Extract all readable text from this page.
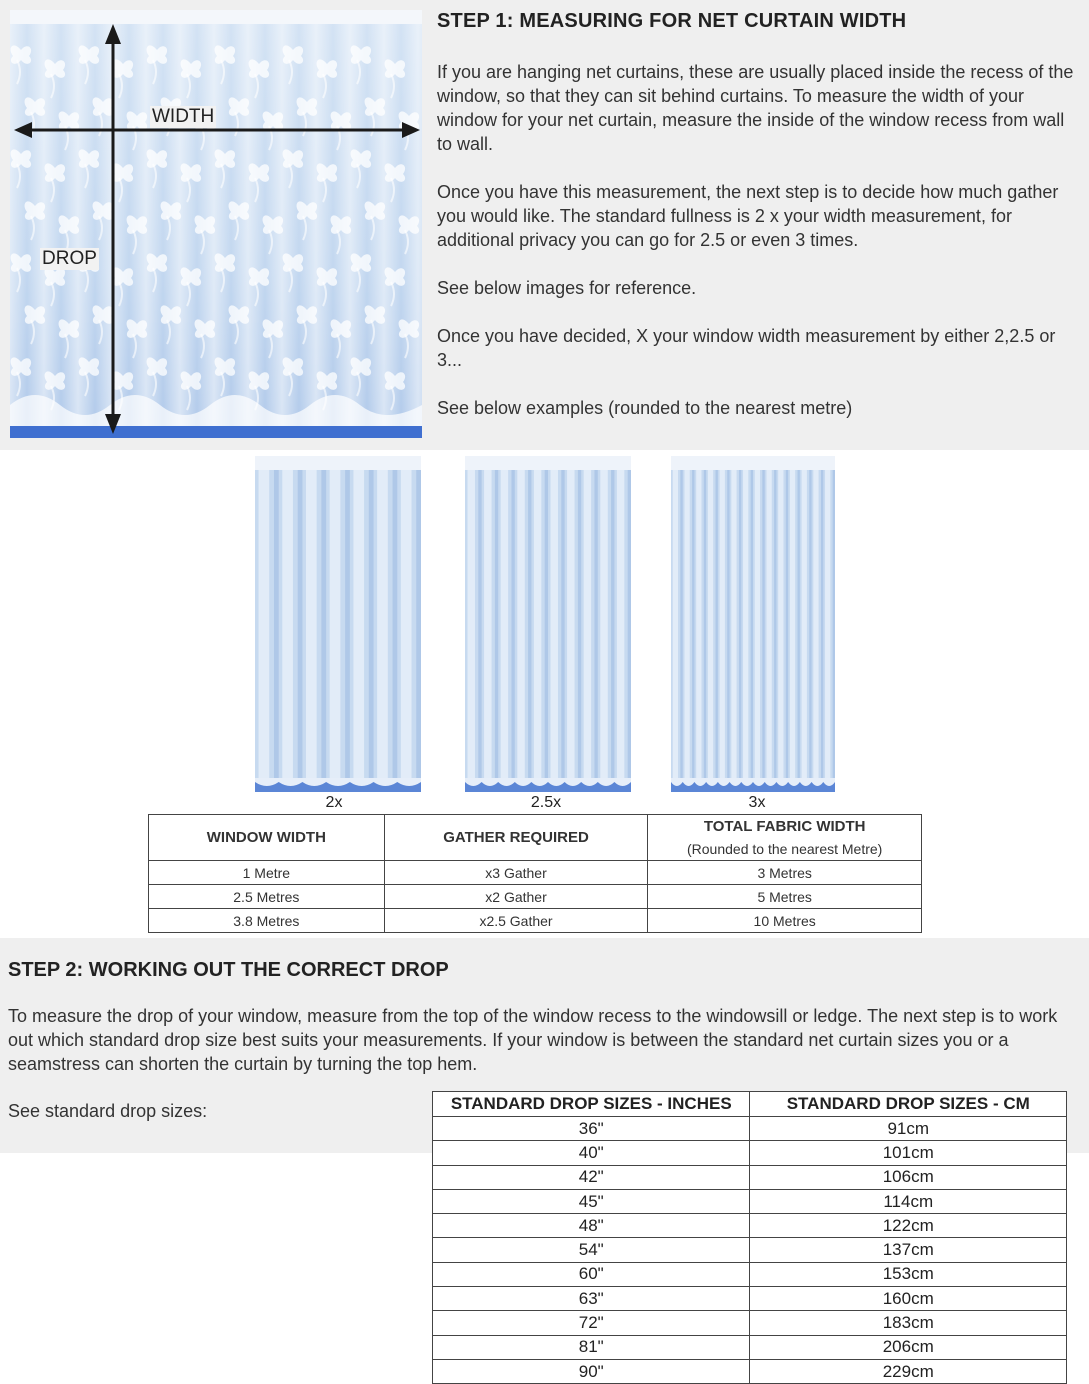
WIDTH
DROP
STEP 1: MEASURING FOR NET CURTAIN WIDTH

If you are hanging net curtains, these are usually placed inside the recess of the window, so that they can sit behind curtains. To measure the width of your window for your net curtain, measure the inside of the window recess from wall to wall.

Once you have this measurement, the next step is to decide how much gather you would like. The standard fullness is 2 x your width measurement, for additional privacy you can go for 2.5 or even 3 times.

See below images for reference.

Once you have decided, X your window width measurement by either 2,2.5 or 3...

See below examples (rounded to the nearest metre)

2x	2.5x	3x
WINDOW WIDTH	GATHER REQUIRED	TOTAL FABRIC WIDTH
(Rounded to the nearest Metre)

1 Metre	x3 Gather	3 Metres
2.5 Metres	x2 Gather	5 Metres
3.8 Metres	x2.5 Gather	10 Metres
STEP 2: WORKING OUT THE CORRECT DROP

To measure the drop of your window, measure from the top of the window recess to the windowsill or ledge. The next step is to work out which standard drop size best suits your measurements. If your window is between the standard net curtain sizes you or a seamstress can shorten the curtain by turning the top hem.

See standard drop sizes:	STANDARD DROP SIZES - INCHES	STANDARD DROP SIZES - CM
36"	91cm
40"	101cm
42"	106cm
45"	114cm
48"	122cm
54"	137cm
60"	153cm
63"	160cm
72"	183cm
81"	206cm
90"	229cm
